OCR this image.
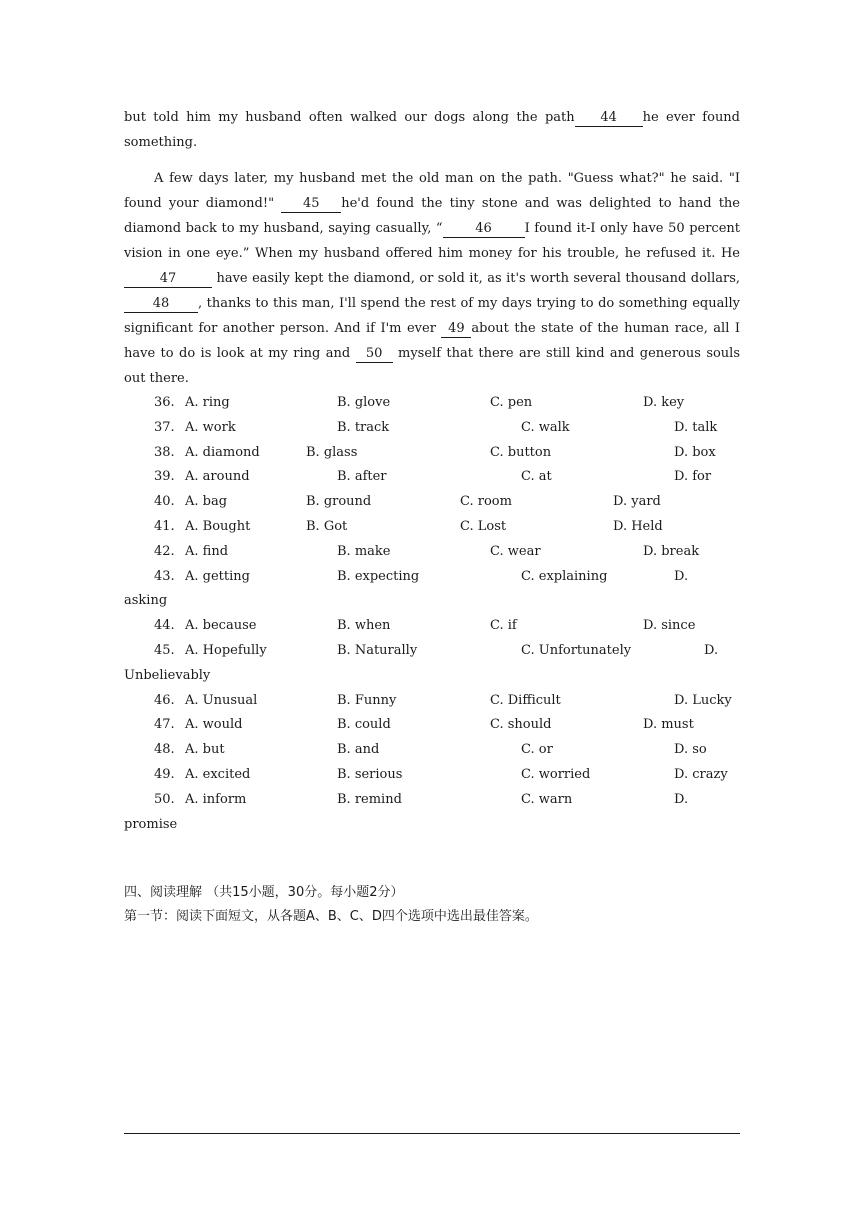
but told him my husband often walked our dogs along the path 44 he ever found something.

A few days later, my husband met the old man on the path. "Guess what?" he said. "I found your diamond!" 45 he'd found the tiny stone and was delighted to hand the diamond back to my husband, saying casually, “	46	I found it-I only have 50 percent vision in one eye.” When my husband offered him money for his trouble, he refused it. He 47	have easily kept the diamond, or sold it, as it's worth several thousand dollars, 48 , thanks to this man, I'll spend the rest of my days trying to do something equally significant for another person. And if I'm ever 49 about the state of the human race, all I have to do is look at my ring and 50 myself that there are still kind and generous souls out there.

36. A. ring	B. glove	C. pen	D. key
37. A. work	B. track	C. walk	D. talk
38. A. diamond	B. glass	C. button	D. box
39. A. around	B. after	C. at	D. for
40. A. bag	B. ground	C. room	D. yard
41. A. Bought	B. Got	C. Lost	D. Held
42. A. find	B. make	C. wear	D. break
43. A. getting	B. expecting	C. explaining	D.
asking
44. A. because	B. when	C. if	D. since
45. A. Hopefully	B. Naturally	C. Unfortunately	D.
Unbelievably
46. A. Unusual	B. Funny	C. Difficult	D. Lucky
47. A. would	B. could	C. should	D. must
48. A. but	B. and	C. or	D. so
49. A. excited	B. serious	C. worried	D. crazy
50. A. inform	B. remind	C. warn	D.
promise
四、阅读理解 （共15小题，30分。每小题2分）
第一节：阅读下面短文，从各题A、B、C、D四个选项中选出最佳答案。
